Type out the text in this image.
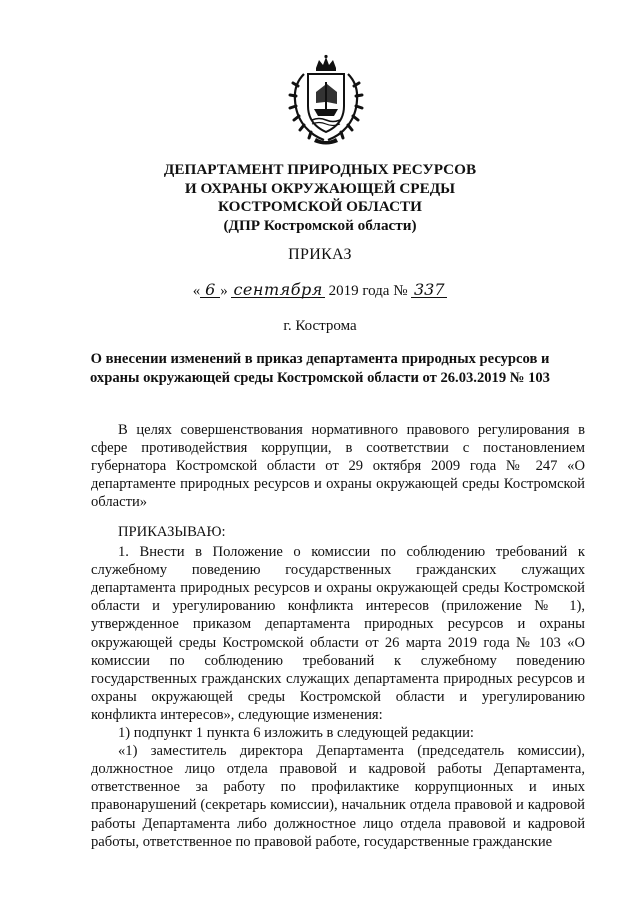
ДЕПАРТАМЕНТ ПРИРОДНЫХ РЕСУРСОВ
И ОХРАНЫ ОКРУЖАЮЩЕЙ СРЕДЫ
КОСТРОМСКОЙ ОБЛАСТИ
(ДПР Костромской области)
ПРИКАЗ
« 6 » сентября 2019 года № 337
г. Кострома
О внесении изменений в приказ департамента природных ресурсов и
охраны окружающей среды Костромской области от 26.03.2019 № 103

В целях совершенствования нормативного правового регулирования в сфере противодействия коррупции, в соответствии с постановлением губернатора Костромской области от 29 октября 2009 года № 247 «О департаменте природных ресурсов и охраны окружающей среды Костромской области»

ПРИКАЗЫВАЮ:

1. Внести в Положение о комиссии по соблюдению требований к служебному поведению государственных гражданских служащих департамента природных ресурсов и охраны окружающей среды Костромской области и урегулированию конфликта интересов (приложение № 1), утвержденное приказом департамента природных ресурсов и охраны окружающей среды Костромской области от 26 марта 2019 года № 103 «О комиссии по соблюдению требований к служебному поведению государственных гражданских служащих департамента природных ресурсов и охраны окружающей среды Костромской области и урегулированию конфликта интересов», следующие изменения:

1) подпункт 1 пункта 6 изложить в следующей редакции:

«1) заместитель директора Департамента (председатель комиссии), должностное лицо отдела правовой и кадровой работы Департамента, ответственное за работу по профилактике коррупционных и иных правонарушений (секретарь комиссии), начальник отдела правовой и кадровой работы Департамента либо должностное лицо отдела правовой и кадровой работы, ответственное по правовой работе, государственные гражданские
